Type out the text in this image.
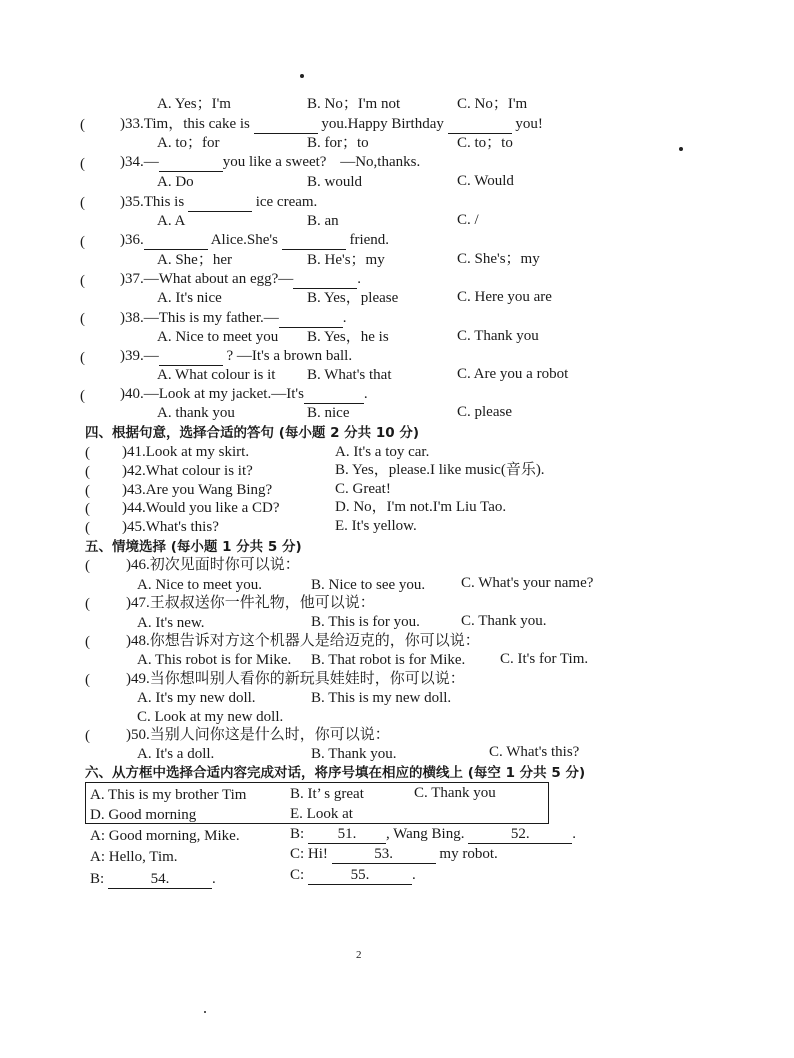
A. Yes；I'm	B. No；I'm not	C. No；I'm
( )33.Tim，this cake is	you.Happy Birthday	you!
A. to；for	B. for；to	C. to；to
( )34.—	you like a sweet? —No,thanks.
A. Do	B. would	C. Would
( )35.This is	ice cream.
A. A	B. an	C. /
( )36.	Alice.She's	friend.
A. She；her	B. He's；my	C. She's；my
( )37.—What about an egg?—	.
A. It's nice	B. Yes，please	C. Here you are
( )38.—This is my father.—	.
A. Nice to meet you B. Yes，he is	C. Thank you
( )39.—	? —It's a brown ball.
A. What colour is it B. What's that	C. Are you a robot
( )40.—Look at my jacket.—It's	.
A. thank you	B. nice	C. please
四、根据句意，选择合适的答句 (每小题 2 分共 10 分)
( )41.Look at my skirt.	A. It's a toy car.
( )42.What colour is it?	B. Yes，please.I like music(音乐).
( )43.Are you Wang Bing?	C. Great!
( )44.Would you like a CD?	D. No，I'm not.I'm Liu Tao.
( )45.What's this?	E. It's yellow.
五、情境选择 (每小题 1 分共 5 分)
( )46.初次见面时你可以说：
A. Nice to meet you.	B. Nice to see you. C. What's your name?
( )47.王叔叔送你一件礼物，他可以说：
A. It's new.	B. This is for you.	C. Thank you.
( )48.你想告诉对方这个机器人是给迈克的，你可以说：
A. This robot is for Mike. B. That robot is for Mike. C. It's for Tim.
( )49.当你想叫别人看你的新玩具娃娃时，你可以说：
A. It's my new doll.	B. This is my new doll.
C. Look at my new doll.
( )50.当别人问你这是什么时，你可以说：
A. It's a doll.	B. Thank you.	C. What's this?
六、从方框中选择合适内容完成对话，将序号填在相应的横线上 (每空 1 分共 5 分)
A. This is my brother Tim	B. It’ s great	C. Thank you
D. Good morning	E. Look at
A: Good morning, Mike.	B: 51. , Wang Bing.	52.	.
A: Hello, Tim.	C: Hi!	53.	my robot.
B:	54.	.	C:	55.	.
2
